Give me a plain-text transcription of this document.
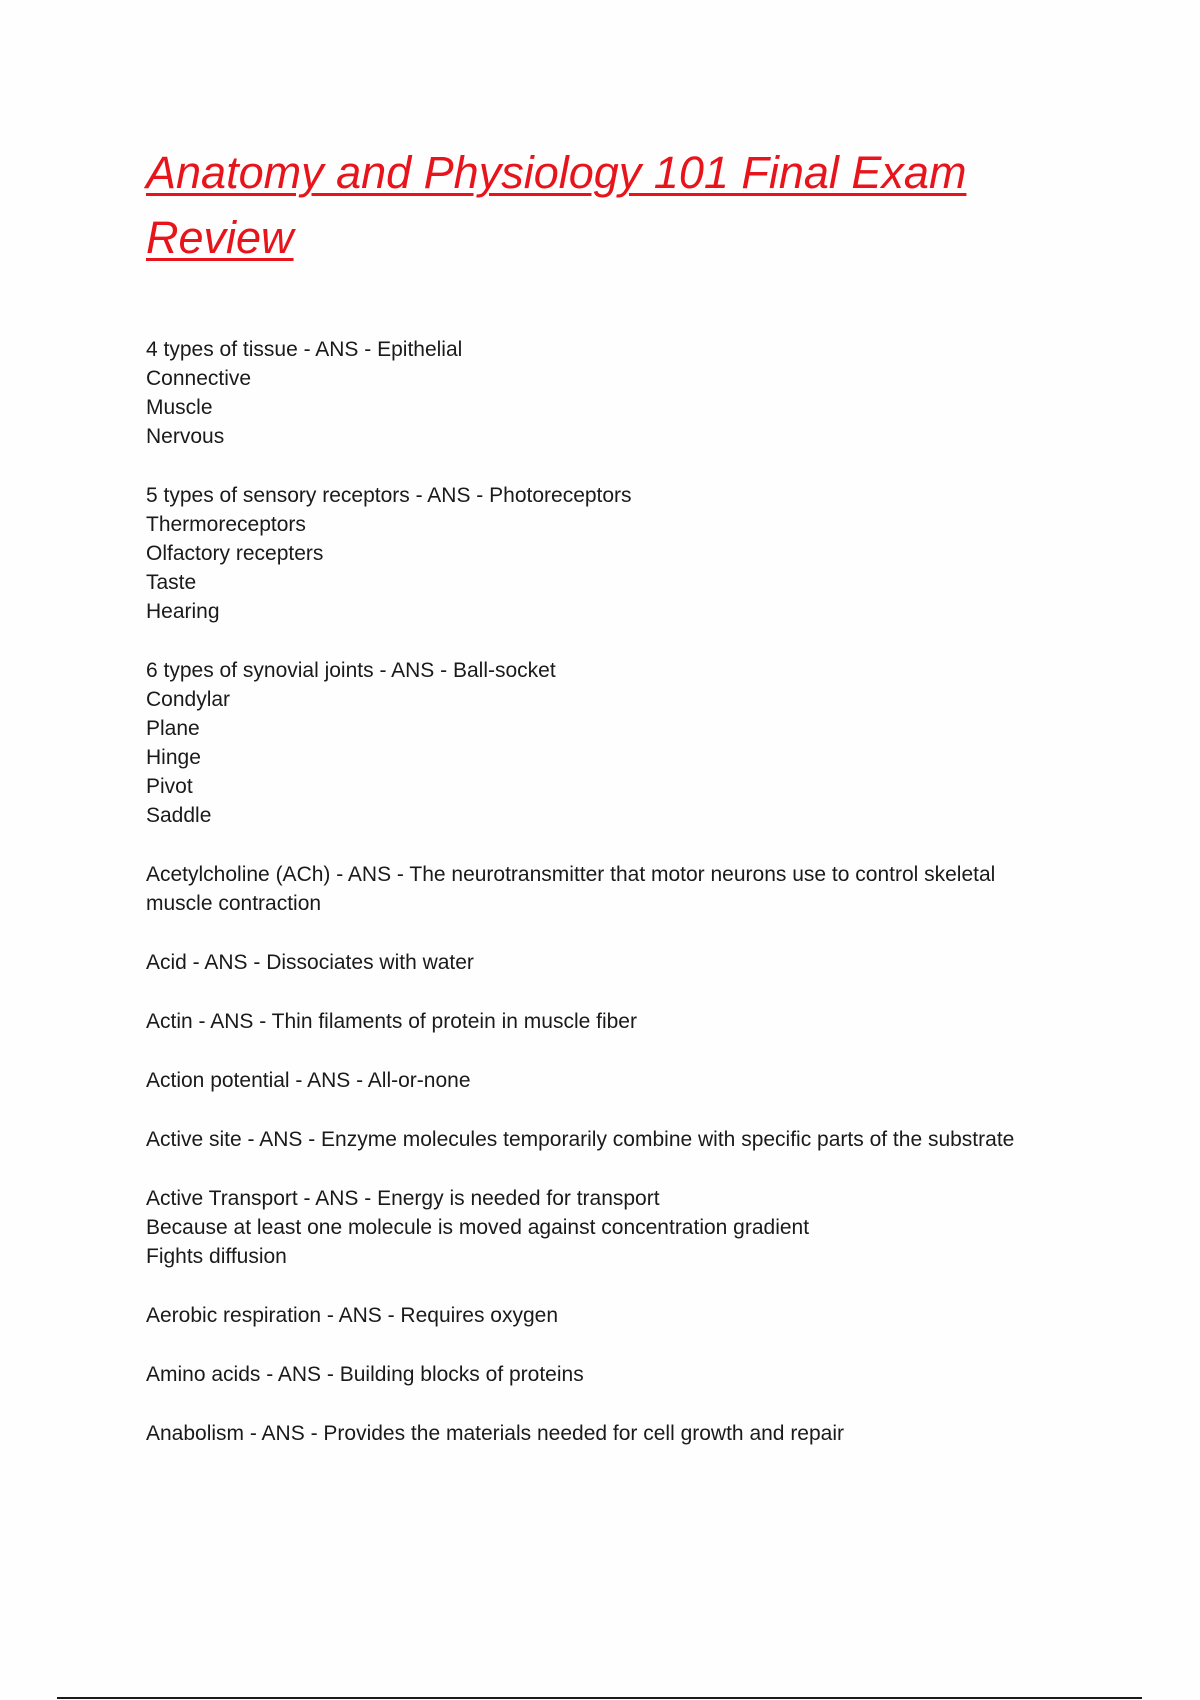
Anatomy and Physiology 101 Final Exam Review
4 types of tissue - ANS - Epithelial
Connective
Muscle
Nervous
5 types of sensory receptors - ANS - Photoreceptors
Thermoreceptors
Olfactory recepters
Taste
Hearing
6 types of synovial joints - ANS - Ball-socket
Condylar
Plane
Hinge
Pivot
Saddle
Acetylcholine (ACh) - ANS - The neurotransmitter that motor neurons use to control skeletal
muscle contraction
Acid - ANS - Dissociates with water
Actin - ANS - Thin filaments of protein in muscle fiber
Action potential - ANS - All-or-none
Active site - ANS - Enzyme molecules temporarily combine with specific parts of the substrate
Active Transport - ANS - Energy is needed for transport
Because at least one molecule is moved against concentration gradient
Fights diffusion
Aerobic respiration - ANS - Requires oxygen
Amino acids - ANS - Building blocks of proteins
Anabolism - ANS - Provides the materials needed for cell growth and repair
